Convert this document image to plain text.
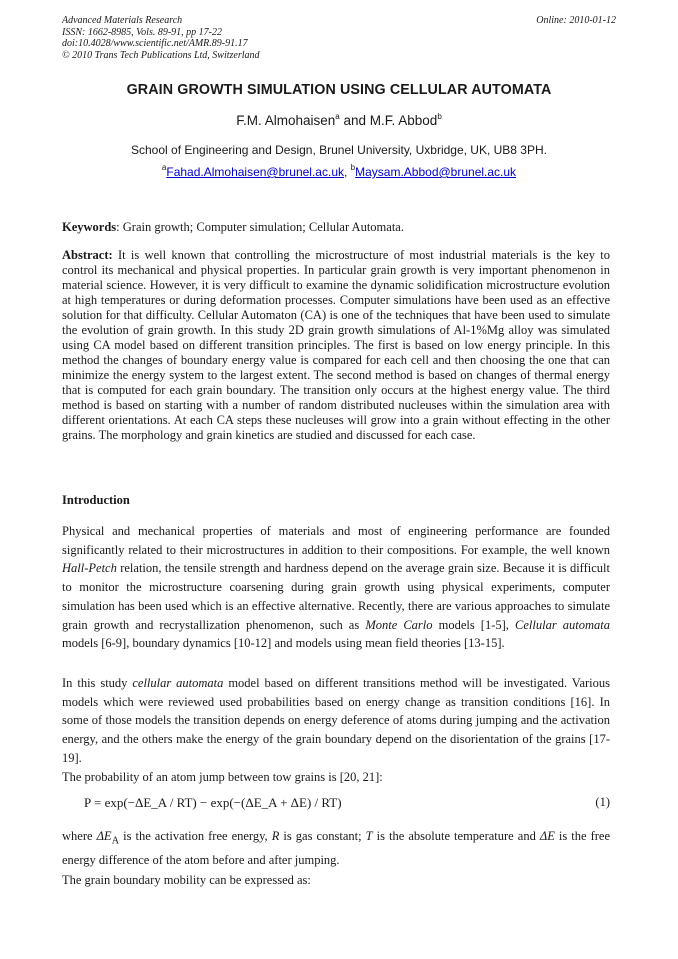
Advanced Materials Research
ISSN: 1662-8985, Vols. 89-91, pp 17-22
doi:10.4028/www.scientific.net/AMR.89-91.17
© 2010 Trans Tech Publications Ltd, Switzerland
Online: 2010-01-12
GRAIN GROWTH SIMULATION USING CELLULAR AUTOMATA
F.M. Almohaisen$^a$ and M.F. Abbod$^b$
School of Engineering and Design, Brunel University, Uxbridge, UK, UB8 3PH.
$^a$Fahad.Almohaisen@brunel.ac.uk, $^b$Maysam.Abbod@brunel.ac.uk
Keywords: Grain growth; Computer simulation; Cellular Automata.
Abstract: It is well known that controlling the microstructure of most industrial materials is the key to control its mechanical and physical properties. In particular grain growth is very important phenomenon in material science. However, it is very difficult to examine the dynamic solidification microstructure evolution at high temperatures or during deformation processes. Computer simulations have been used as an effective solution for that difficulty. Cellular Automaton (CA) is one of the techniques that have been used to simulate the evolution of grain growth. In this study 2D grain growth simulations of Al-1%Mg alloy was simulated using CA model based on different transition principles. The first is based on low energy principle. In this method the changes of boundary energy value is compared for each cell and then choosing the one that can minimize the energy system to the largest extent. The second method is based on changes of thermal energy that is computed for each grain boundary. The transition only occurs at the highest energy value. The third method is based on starting with a number of random distributed nucleuses within the simulation area with different orientations. At each CA steps these nucleuses will grow into a grain without effecting in the other grains. The morphology and grain kinetics are studied and discussed for each case.
Introduction
Physical and mechanical properties of materials and most of engineering performance are founded significantly related to their microstructures in addition to their compositions. For example, the well known Hall-Petch relation, the tensile strength and hardness depend on the average grain size. Because it is difficult to monitor the microstructure coarsening during grain growth using physical experiments, computer simulation has been used which is an effective alternative. Recently, there are various approaches to simulate grain growth and recrystallization phenomenon, such as Monte Carlo models [1-5], Cellular automata models [6-9], boundary dynamics [10-12] and models using mean field theories [13-15].
In this study cellular automata model based on different transitions method will be investigated. Various models which were reviewed used probabilities based on energy change as transition conditions [16]. In some of those models the transition depends on energy deference of atoms during jumping and the activation energy, and the others make the energy of the grain boundary depend on the disorientation of the grains [17-19].
The probability of an atom jump between tow grains is [20, 21]:
P = exp(−ΔE_A / RT) − exp(−(ΔE_A + ΔE) / RT)	(1)
where $\Delta E_A$ is the activation free energy, R is gas constant; T is the absolute temperature and ΔE is the free energy difference of the atom before and after jumping.
The grain boundary mobility can be expressed as:
